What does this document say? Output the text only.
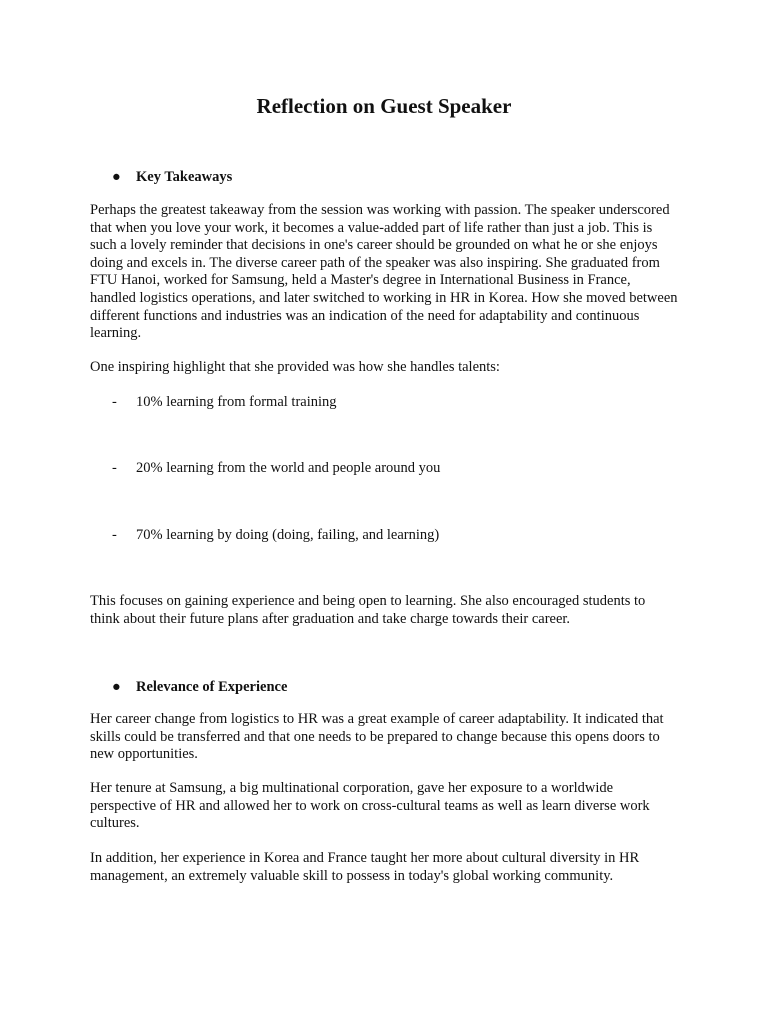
Reflection on Guest Speaker

● Key Takeaways

Perhaps the greatest takeaway from the session was working with passion. The speaker underscored that when you love your work, it becomes a value-added part of life rather than just a job. This is such a lovely reminder that decisions in one's career should be grounded on what he or she enjoys doing and excels in. The diverse career path of the speaker was also inspiring. She graduated from FTU Hanoi, worked for Samsung, held a Master's degree in International Business in France, handled logistics operations, and later switched to working in HR in Korea. How she moved between different functions and industries was an indication of the need for adaptability and continuous learning.

One inspiring highlight that she provided was how she handles talents:

- 10% learning from formal training

- 20% learning from the world and people around you

- 70% learning by doing (doing, failing, and learning)

This focuses on gaining experience and being open to learning. She also encouraged students to think about their future plans after graduation and take charge towards their career.

● Relevance of Experience

Her career change from logistics to HR was a great example of career adaptability. It indicated that skills could be transferred and that one needs to be prepared to change because this opens doors to new opportunities.

Her tenure at Samsung, a big multinational corporation, gave her exposure to a worldwide perspective of HR and allowed her to work on cross-cultural teams as well as learn diverse work cultures.

In addition, her experience in Korea and France taught her more about cultural diversity in HR management, an extremely valuable skill to possess in today's global working community.
